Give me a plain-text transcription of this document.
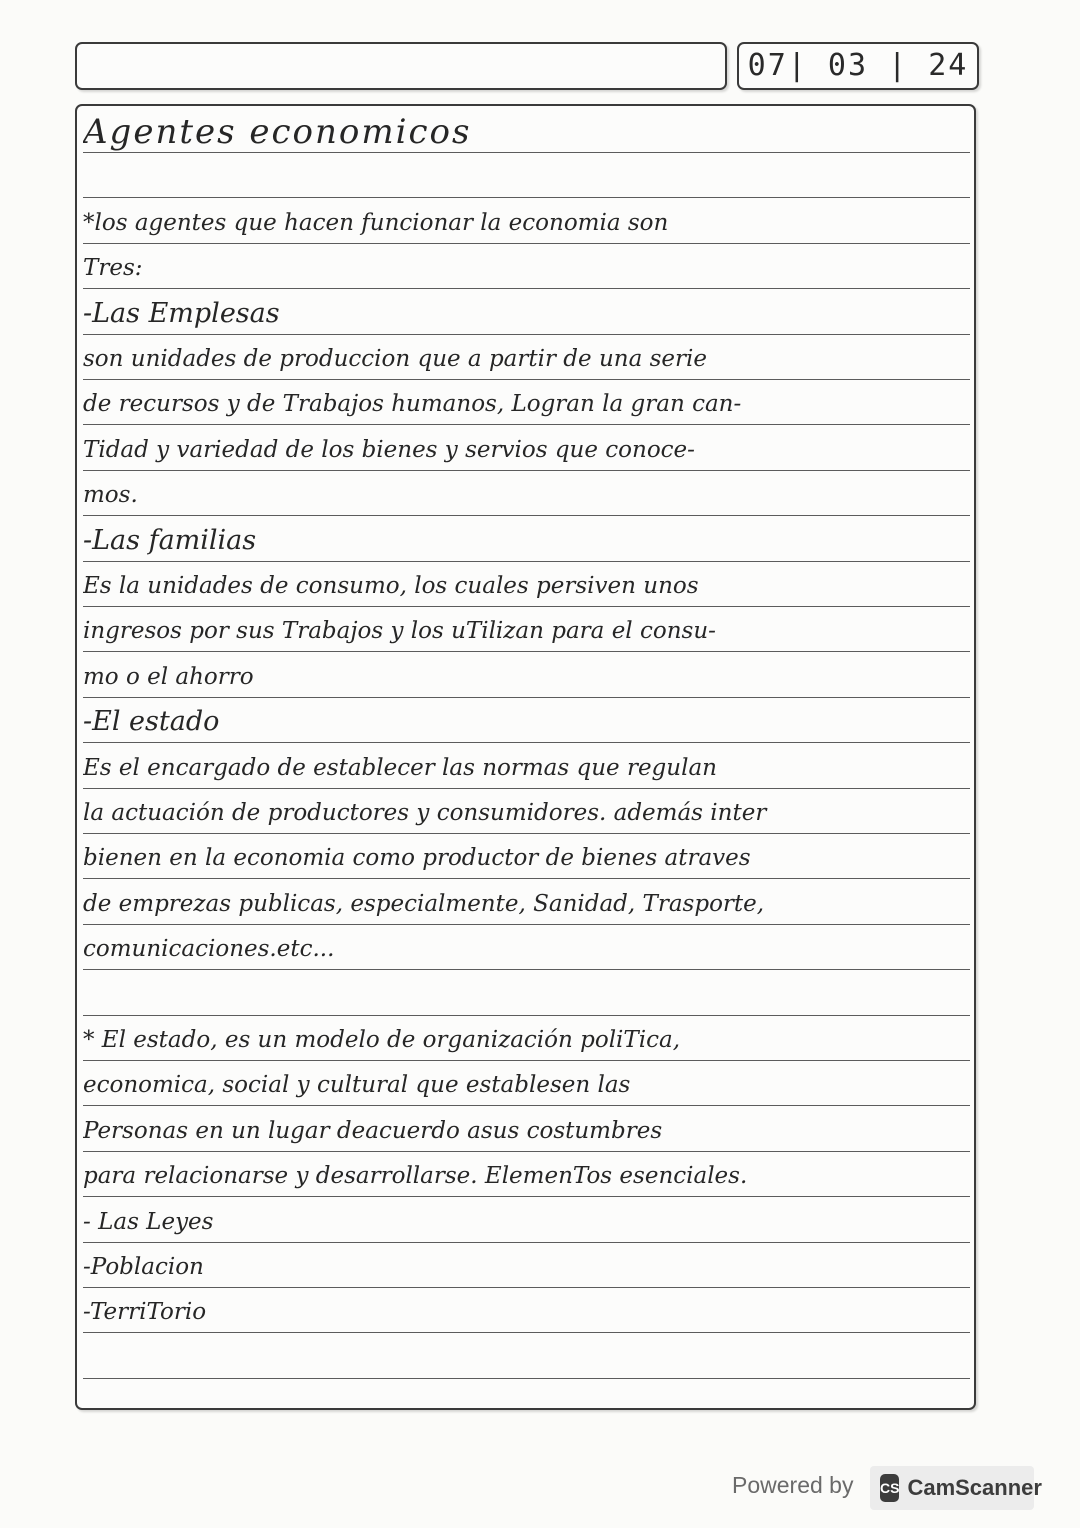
07| 03 | 24
Agentes economicos
*los agentes que hacen funcionar la economia son
Tres:
-Las Emplesas
son unidades de produccion que a partir de una serie
de recursos y de Trabajos humanos, Logran la gran can-
Tidad y variedad de los bienes y servios que conoce-
mos.
-Las familias
Es la unidades de consumo, los cuales persiven unos
ingresos por sus Trabajos y los uTilizan para el consu-
mo o el ahorro
-El estado
Es el encargado de establecer las normas que regulan
la actuación de productores y consumidores. además inter
bienen en la economia como productor de bienes atraves
de emprezas publicas, especialmente, Sanidad, Trasporte,
comunicaciones.etc...
* El estado, es un modelo de organización poliTica,
economica, social y cultural que establesen las
Personas en un lugar deacuerdo asus costumbres
para relacionarse y desarrollarse. ElemenTos esenciales.
- Las Leyes
-Poblacion
-TerriTorio
Powered by CS CamScanner
